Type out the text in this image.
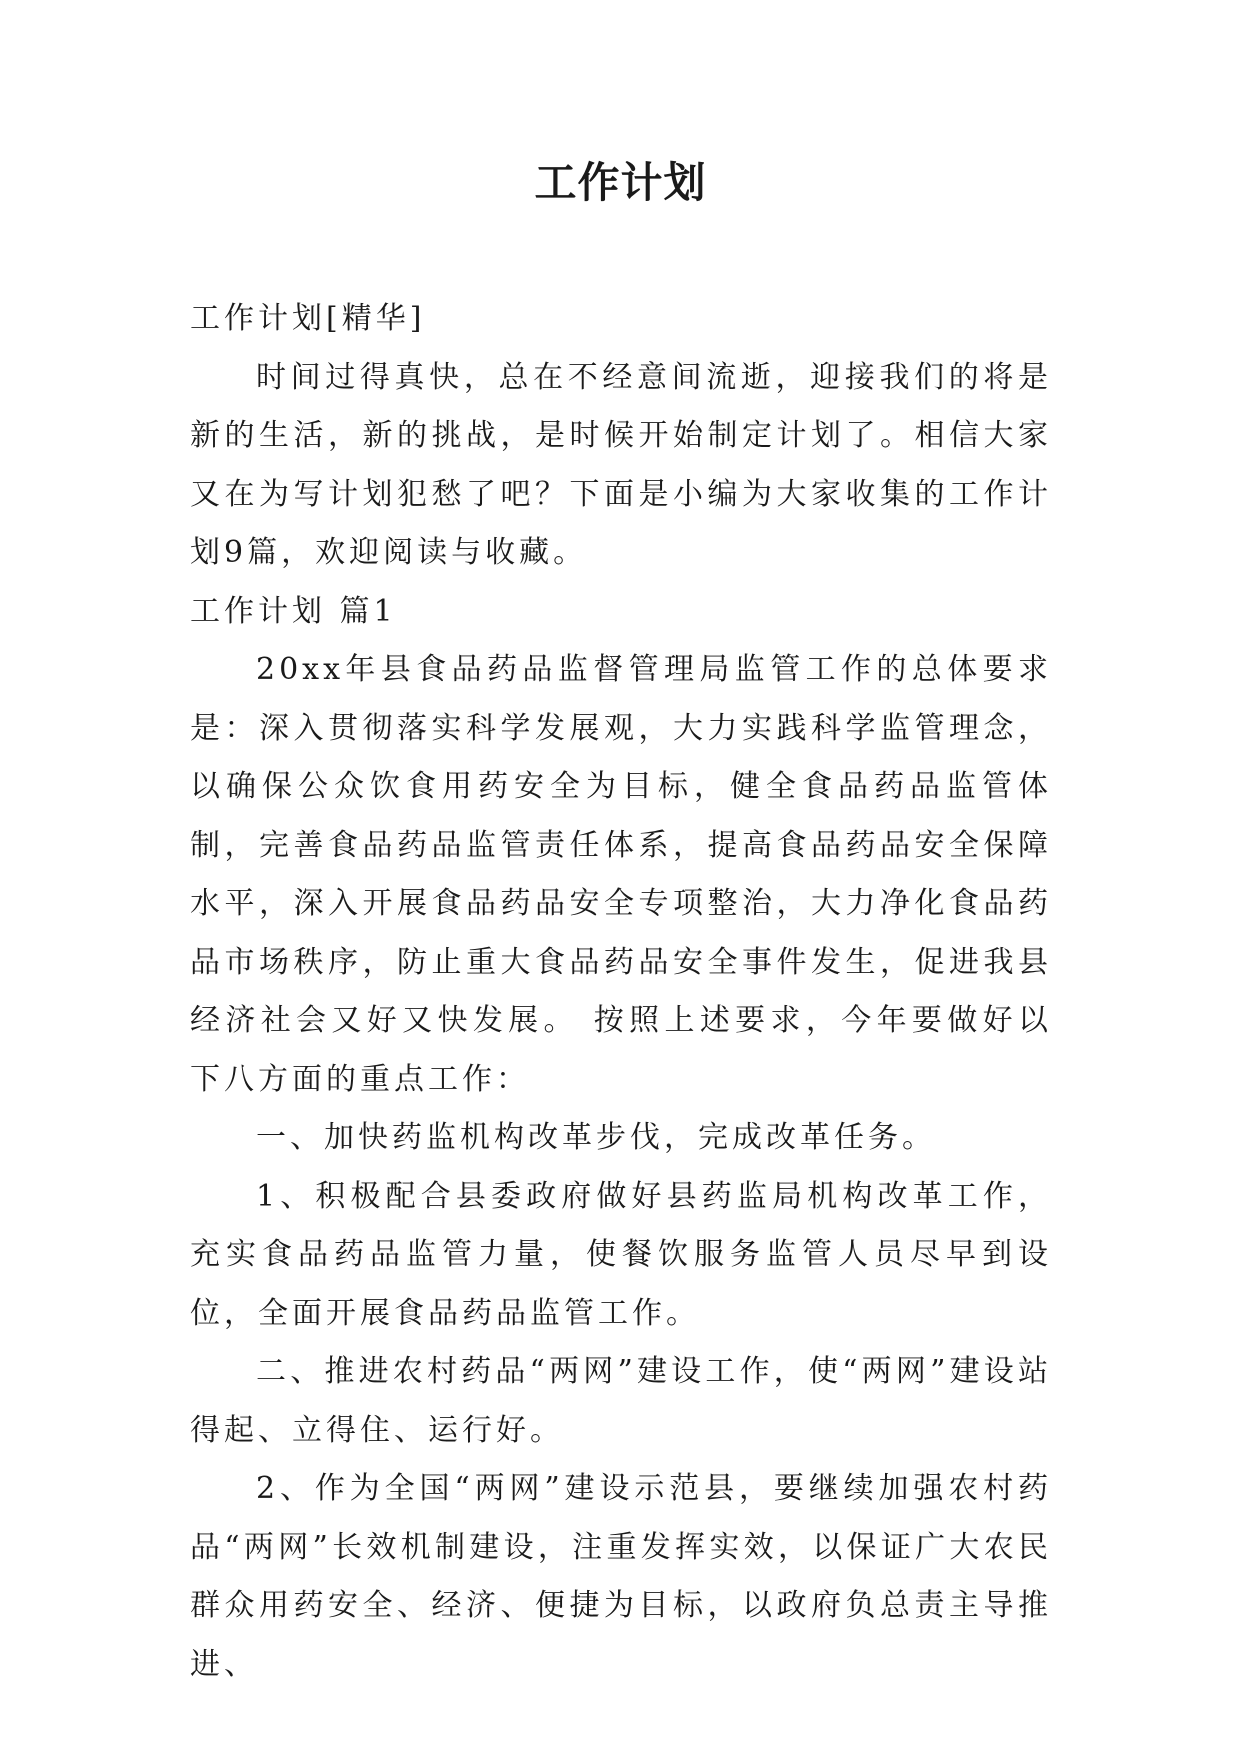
工作计划

工作计划[精华]

时间过得真快，总在不经意间流逝，迎接我们的将是新的生活，新的挑战，是时候开始制定计划了。相信大家又在为写计划犯愁了吧？下面是小编为大家收集的工作计划9篇，欢迎阅读与收藏。

工作计划 篇1

20xx年县食品药品监督管理局监管工作的总体要求是：深入贯彻落实科学发展观，大力实践科学监管理念，以确保公众饮食用药安全为目标，健全食品药品监管体制，完善食品药品监管责任体系，提高食品药品安全保障水平，深入开展食品药品安全专项整治，大力净化食品药品市场秩序，防止重大食品药品安全事件发生，促进我县经济社会又好又快发展。 按照上述要求，今年要做好以下八方面的重点工作：

一、加快药监机构改革步伐，完成改革任务。

1、积极配合县委政府做好县药监局机构改革工作，充实食品药品监管力量，使餐饮服务监管人员尽早到设位，全面开展食品药品监管工作。

二、推进农村药品“两网”建设工作，使“两网”建设站得起、立得住、运行好。

2、作为全国“两网”建设示范县，要继续加强农村药品“两网”长效机制建设，注重发挥实效，以保证广大农民群众用药安全、经济、便捷为目标，以政府负总责主导推进、
